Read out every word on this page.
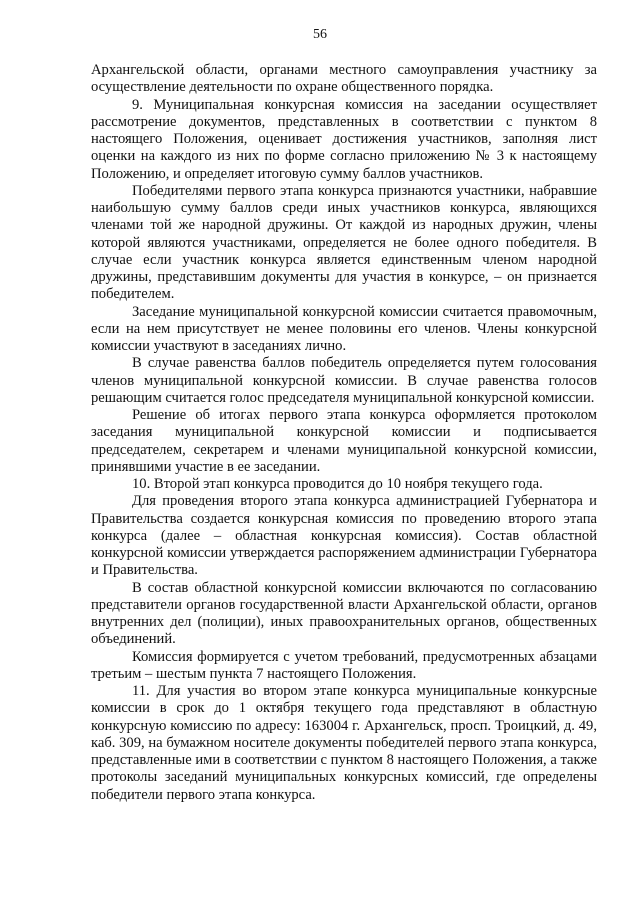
56

Архангельской области, органами местного самоуправления участнику за осуществление деятельности по охране общественного порядка.

9. Муниципальная конкурсная комиссия на заседании осуществляет рассмотрение документов, представленных в соответствии с пунктом 8 настоящего Положения, оценивает достижения участников, заполняя лист оценки на каждого из них по форме согласно приложению № 3 к настоящему Положению, и определяет итоговую сумму баллов участников.

Победителями первого этапа конкурса признаются участники, набравшие наибольшую сумму баллов среди иных участников конкурса, являющихся членами той же народной дружины. От каждой из народных дружин, члены которой являются участниками, определяется не более одного победителя. В случае если участник конкурса является единственным членом народной дружины, представившим документы для участия в конкурсе, – он признается победителем.

Заседание муниципальной конкурсной комиссии считается правомочным, если на нем присутствует не менее половины его членов. Члены конкурсной комиссии участвуют в заседаниях лично.

В случае равенства баллов победитель определяется путем голосования членов муниципальной конкурсной комиссии. В случае равенства голосов решающим считается голос председателя муниципальной конкурсной комиссии.

Решение об итогах первого этапа конкурса оформляется протоколом заседания муниципальной конкурсной комиссии и подписывается председателем, секретарем и членами муниципальной конкурсной комиссии, принявшими участие в ее заседании.

10. Второй этап конкурса проводится до 10 ноября текущего года.

Для проведения второго этапа конкурса администрацией Губернатора и Правительства создается конкурсная комиссия по проведению второго этапа конкурса (далее – областная конкурсная комиссия). Состав областной конкурсной комиссии утверждается распоряжением администрации Губернатора и Правительства.

В состав областной конкурсной комиссии включаются по согласованию представители органов государственной власти Архангельской области, органов внутренних дел (полиции), иных правоохранительных органов, общественных объединений.

Комиссия формируется с учетом требований, предусмотренных абзацами третьим – шестым пункта 7 настоящего Положения.

11. Для участия во втором этапе конкурса муниципальные конкурсные комиссии в срок до 1 октября текущего года представляют в областную конкурсную комиссию по адресу: 163004 г. Архангельск, просп. Троицкий, д. 49, каб. 309, на бумажном носителе документы победителей первого этапа конкурса, представленные ими в соответствии с пунктом 8 настоящего Положения, а также протоколы заседаний муниципальных конкурсных комиссий, где определены победители первого этапа конкурса.
